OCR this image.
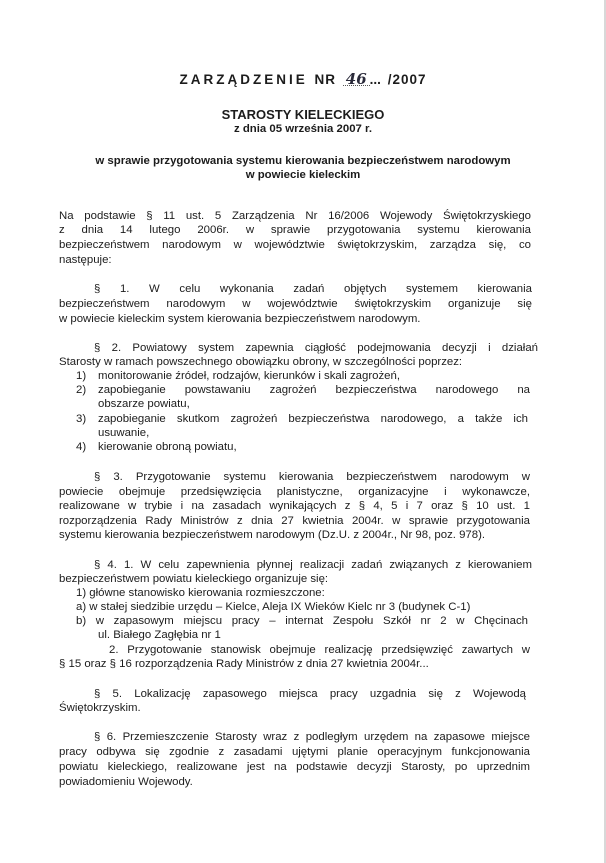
ZARZĄDZENIE NR 46 ... /2007
STAROSTY KIELECKIEGO
z dnia 05 września 2007 r.
w sprawie przygotowania systemu kierowania bezpieczeństwem narodowym
w powiecie kieleckim
Na podstawie § 11 ust. 5 Zarządzenia Nr 16/2006 Wojewody Świętokrzyskiego
z dnia 14 lutego 2006r. w sprawie przygotowania systemu kierowania
bezpieczeństwem narodowym w województwie świętokrzyskim, zarządza się, co
następuje:
§ 1. W celu wykonania zadań objętych systemem kierowania
bezpieczeństwem narodowym w województwie świętokrzyskim organizuje się
w powiecie kieleckim system kierowania bezpieczeństwem narodowym.
§ 2. Powiatowy system zapewnia ciągłość podejmowania decyzji i działań
Starosty w ramach powszechnego obowiązku obrony, w szczególności poprzez:
1) monitorowanie źródeł, rodzajów, kierunków i skali zagrożeń,
2) zapobieganie powstawaniu zagrożeń bezpieczeństwa narodowego na
obszarze powiatu,
3) zapobieganie skutkom zagrożeń bezpieczeństwa narodowego, a także ich
usuwanie,
4) kierowanie obroną powiatu,
§ 3. Przygotowanie systemu kierowania bezpieczeństwem narodowym w
powiecie obejmuje przedsięwzięcia planistyczne, organizacyjne i wykonawcze,
realizowane w trybie i na zasadach wynikających z § 4, 5 i 7 oraz § 10 ust. 1
rozporządzenia Rady Ministrów z dnia 27 kwietnia 2004r. w sprawie przygotowania
systemu kierowania bezpieczeństwem narodowym (Dz.U. z 2004r., Nr 98, poz. 978).
§ 4. 1. W celu zapewnienia płynnej realizacji zadań związanych z kierowaniem
bezpieczeństwem powiatu kieleckiego organizuje się:
1) główne stanowisko kierowania rozmieszczone:
a) w stałej siedzibie urzędu – Kielce, Aleja IX Wieków Kielc nr 3 (budynek C-1)
b) w zapasowym miejscu pracy – internat Zespołu Szkół nr 2 w Chęcinach
ul. Białego Zagłębia nr 1
2. Przygotowanie stanowisk obejmuje realizację przedsięwzięć zawartych w
§ 15 oraz § 16 rozporządzenia Rady Ministrów z dnia 27 kwietnia 2004r...
§ 5. Lokalizację zapasowego miejsca pracy uzgadnia się z Wojewodą
Świętokrzyskim.
§ 6. Przemieszczenie Starosty wraz z podległym urzędem na zapasowe miejsce
pracy odbywa się zgodnie z zasadami ujętymi planie operacyjnym funkcjonowania
powiatu kieleckiego, realizowane jest na podstawie decyzji Starosty, po uprzednim
powiadomieniu Wojewody.
